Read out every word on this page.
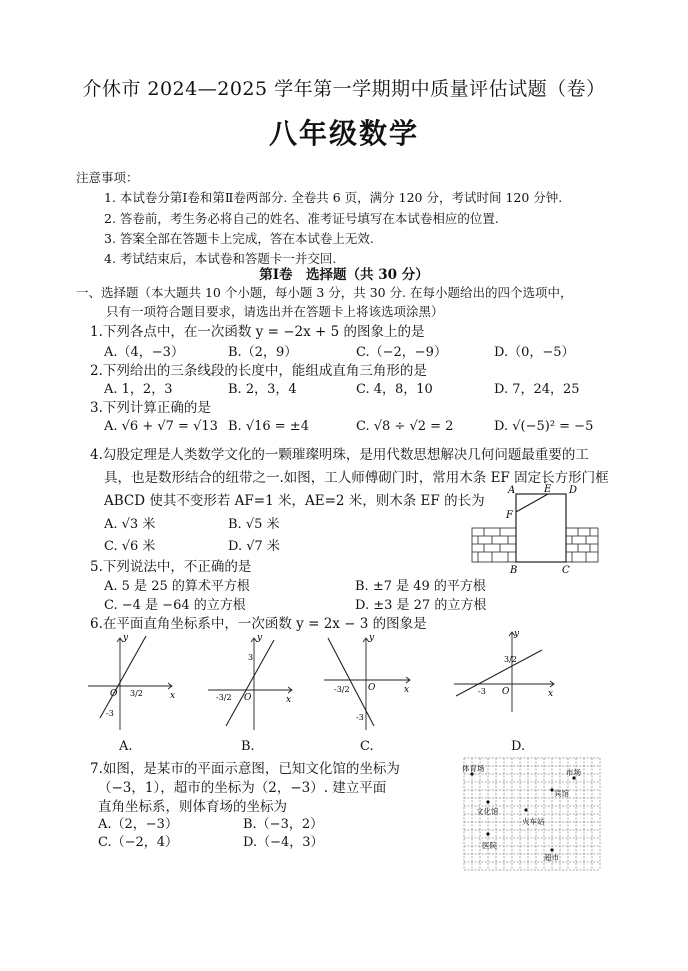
介休市 2024—2025 学年第一学期期中质量评估试题（卷）
八年级数学
注意事项：
1. 本试卷分第Ⅰ卷和第Ⅱ卷两部分. 全卷共 6 页，满分 120 分，考试时间 120 分钟.
2. 答卷前，考生务必将自己的姓名、准考证号填写在本试卷相应的位置.
3. 答案全部在答题卡上完成，答在本试卷上无效.
4. 考试结束后，本试卷和答题卡一并交回.
第Ⅰ卷　选择题（共 30 分）
一、选择题（本大题共 10 个小题，每小题 3 分，共 30 分. 在每小题给出的四个选项中，
只有一项符合题目要求，请选出并在答题卡上将该选项涂黑）
1.下列各点中，在一次函数 y = −2x + 5 的图象上的是
A.（4，−3）	B.（2，9）	C.（−2，−9）	D.（0，−5）
2.下列给出的三条线段的长度中，能组成直角三角形的是
A. 1，2，3	B. 2，3，4	C. 4，8，10	D. 7，24，25
3.下列计算正确的是
A. √6 + √7 = √13 B. √16 = ±4	C. √8 ÷ √2 = 2	D. √(−5)² = −5
4.勾股定理是人类数学文化的一颗璀璨明珠，是用代数思想解决几何问题最重要的工
具，也是数形结合的纽带之一.如图，工人师傅砌门时，常用木条 EF 固定长方形门框
ABCD 使其不变形若 AF=1 米，AE=2 米，则木条 EF 的长为
A. √3 米	B. √5 米
C. √6 米	D. √7 米
A	E D
F
B	C
5.下列说法中，不正确的是
A. 5 是 25 的算术平方根	B. ±7 是 49 的平方根
C. −4 是 −64 的立方根	D. ±3 是 27 的立方根
6.在平面直角坐标系中，一次函数 y = 2x − 3 的图象是
y
x
O 3/2
-3
A.
y
x
O
3
-3/2
B.
y
x
O
-3/2
-3
C.
y
x
O
3/2
-3
D.
7.如图，是某市的平面示意图，已知文化馆的坐标为
（−3，1），超市的坐标为（2，−3）. 建立平面
直角坐标系，则体育场的坐标为
A.（2，−3）	B.（−3，2）
C.（−2，4）	D.（−4，3）
体育场	市场
宾馆
文化馆
火车站
医院
超市
